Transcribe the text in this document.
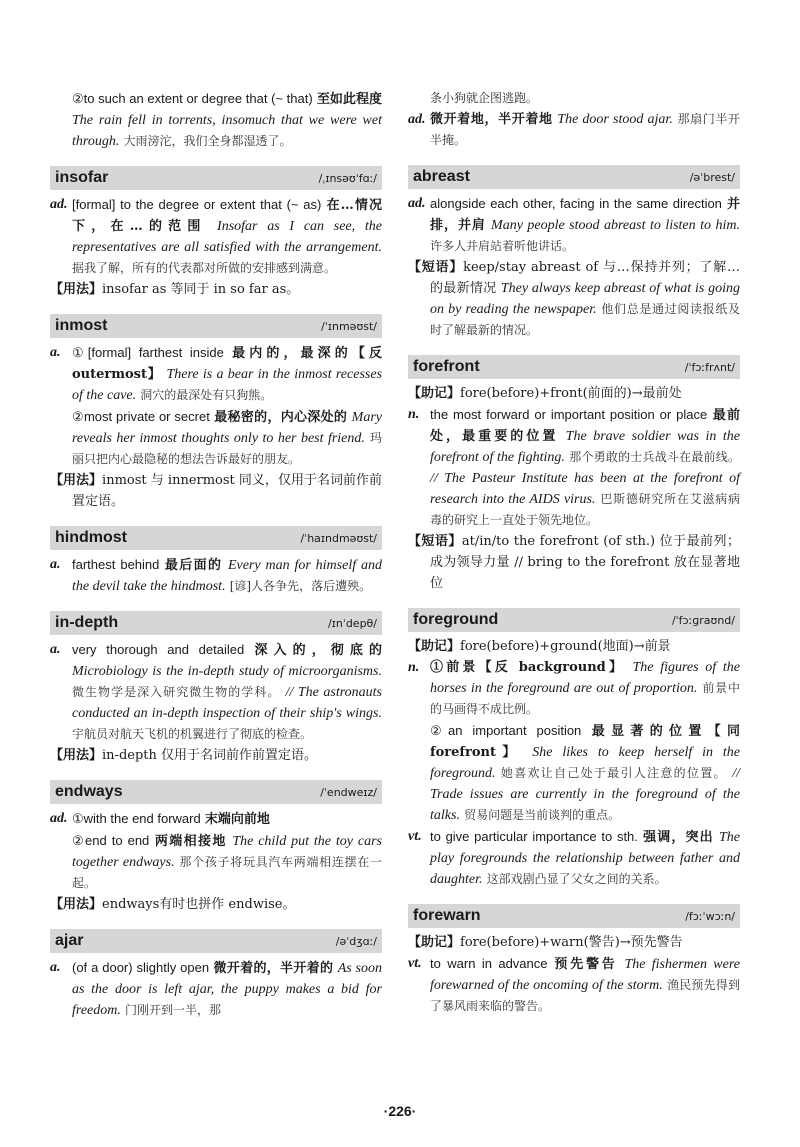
②to such an extent or degree that (~ that) 至如此程度 The rain fell in torrents, insomuch that we were wet through. 大雨滂沱，我们全身都湿透了。
insofar	/ˌɪnsəʊˈfɑː/
ad. [formal] to the degree or extent that (~ as) 在…情况下，在…的范围 Insofar as I can see, the representatives are all satisfied with the arrangement. 据我了解，所有的代表都对所做的安排感到满意。
【用法】insofar as 等同于 in so far as。
inmost	/ˈɪnməʊst/
a. ①[formal] farthest inside 最内的，最深的【反 outermost】 There is a bear in the inmost recesses of the cave. 洞穴的最深处有只狗熊。
②most private or secret 最秘密的，内心深处的 Mary reveals her inmost thoughts only to her best friend. 玛丽只把内心最隐秘的想法告诉最好的朋友。
【用法】inmost 与 innermost 同义，仅用于名词前作前置定语。
hindmost	/ˈhaɪndməʊst/
a. farthest behind 最后面的 Every man for himself and the devil take the hindmost. [谚]人各争先，落后遭殃。
in-depth	/ɪnˈdepθ/
a. very thorough and detailed 深入的，彻底的 Microbiology is the in-depth study of microorganisms. 微生物学是深入研究微生物的学科。 // The astronauts conducted an in-depth inspection of their ship's wings. 宇航员对航天飞机的机翼进行了彻底的检查。
【用法】in-depth 仅用于名词前作前置定语。
endways	/ˈendweɪz/
ad. ①with the end forward 末端向前地
②end to end 两端相接地 The child put the toy cars together endways. 那个孩子将玩具汽车两端相连摆在一起。
【用法】endways有时也拼作 endwise。
ajar	/əˈdʒɑː/
a. (of a door) slightly open 微开着的，半开着的 As soon as the door is left ajar, the puppy makes a bid for freedom. 门刚开到一半，那
条小狗就企图逃跑。
ad. 微开着地，半开着地 The door stood ajar. 那扇门半开半掩。
abreast	/əˈbrest/
ad. alongside each other, facing in the same direction 并排，并肩 Many people stood abreast to listen to him. 许多人并肩站着听他讲话。
【短语】keep/stay abreast of 与…保持并列；了解…的最新情况 They always keep abreast of what is going on by reading the newspaper. 他们总是通过阅读报纸及时了解最新的情况。
forefront	/ˈfɔːfrʌnt/
【助记】fore(before)+front(前面的)→最前处
n. the most forward or important position or place 最前处，最重要的位置 The brave soldier was in the forefront of the fighting. 那个勇敢的士兵战斗在最前线。 // The Pasteur Institute has been at the forefront of research into the AIDS virus. 巴斯德研究所在艾滋病病毒的研究上一直处于领先地位。
【短语】at/in/to the forefront (of sth.) 位于最前列；成为领导力量 // bring to the forefront 放在显著地位
foreground	/ˈfɔːɡraʊnd/
【助记】fore(before)+ground(地面)→前景
n. ①前景【反 background】 The figures of the horses in the foreground are out of proportion. 前景中的马画得不成比例。
②an important position 最显著的位置【同 forefront】 She likes to keep herself in the foreground. 她喜欢让自己处于最引人注意的位置。 // Trade issues are currently in the foreground of the talks. 贸易问题是当前谈判的重点。
vt. to give particular importance to sth. 强调，突出 The play foregrounds the relationship between father and daughter. 这部戏剧凸显了父女之间的关系。
forewarn	/fɔːˈwɔːn/
【助记】fore(before)+warn(警告)→预先警告
vt. to warn in advance 预先警告 The fishermen were forewarned of the oncoming of the storm. 渔民预先得到了暴风雨来临的警告。
·226·
